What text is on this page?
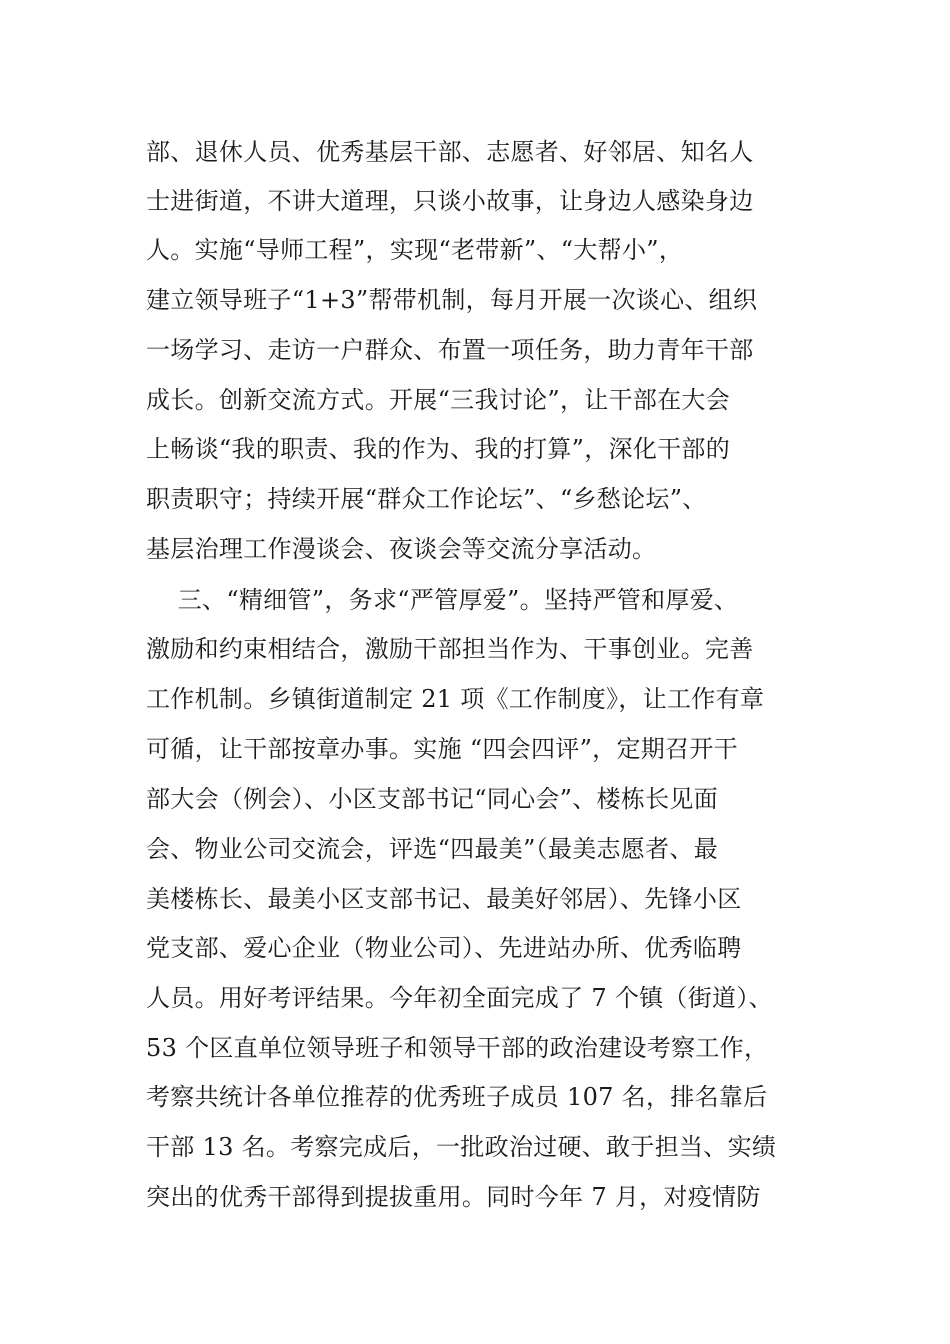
部、退休人员、优秀基层干部、志愿者、好邻居、知名人
士进街道，不讲大道理，只谈小故事，让身边人感染身边
人。实施“导师工程”，实现“老带新”、“大帮小”，
建立领导班子“1+3”帮带机制，每月开展一次谈心、组织
一场学习、走访一户群众、布置一项任务，助力青年干部
成长。创新交流方式。开展“三我讨论”，让干部在大会
上畅谈“我的职责、我的作为、我的打算”，深化干部的
职责职守；持续开展“群众工作论坛”、“乡愁论坛”、
基层治理工作漫谈会、夜谈会等交流分享活动。
三、“精细管”，务求“严管厚爱”。坚持严管和厚爱、
激励和约束相结合，激励干部担当作为、干事创业。完善
工作机制。乡镇街道制定 21 项《工作制度》，让工作有章
可循，让干部按章办事。实施 “四会四评”，定期召开干
部大会（例会）、小区支部书记“同心会”、楼栋长见面
会、物业公司交流会，评选“四最美”（最美志愿者、最
美楼栋长、最美小区支部书记、最美好邻居）、先锋小区
党支部、爱心企业（物业公司）、先进站办所、优秀临聘
人员。用好考评结果。今年初全面完成了 7 个镇（街道）、
53 个区直单位领导班子和领导干部的政治建设考察工作，
考察共统计各单位推荐的优秀班子成员 107 名，排名靠后
干部 13 名。考察完成后，一批政治过硬、敢于担当、实绩
突出的优秀干部得到提拔重用。同时今年 7 月，对疫情防
